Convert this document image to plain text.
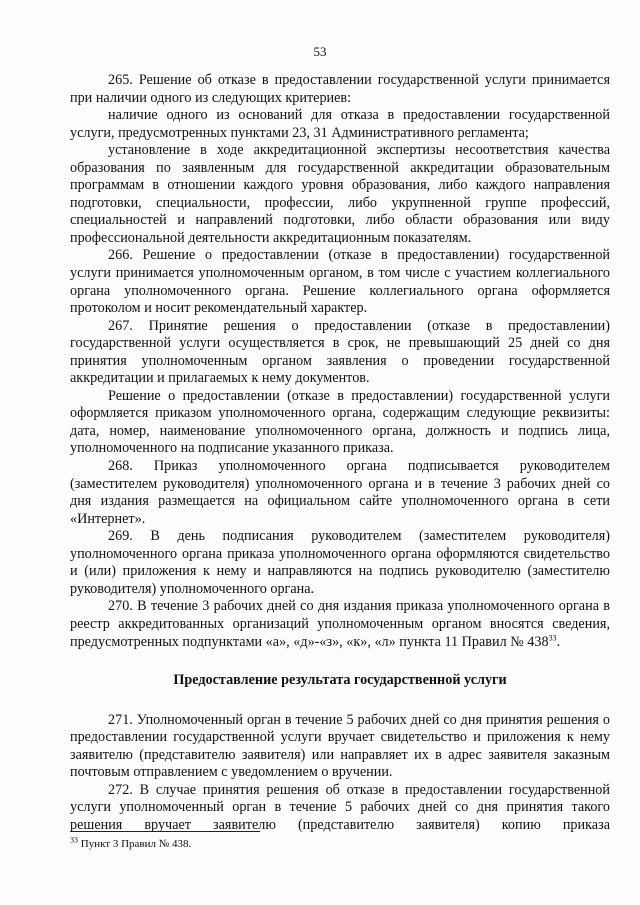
53

265. Решение об отказе в предоставлении государственной услуги принимается при наличии одного из следующих критериев:

наличие одного из оснований для отказа в предоставлении государственной услуги, предусмотренных пунктами 23, 31 Административного регламента;

установление в ходе аккредитационной экспертизы несоответствия качества образования по заявленным для государственной аккредитации образовательным программам в отношении каждого уровня образования, либо каждого направления подготовки, специальности, профессии, либо укрупненной группе профессий, специальностей и направлений подготовки, либо области образования или виду профессиональной деятельности аккредитационным показателям.

266. Решение о предоставлении (отказе в предоставлении) государственной услуги принимается уполномоченным органом, в том числе с участием коллегиального органа уполномоченного органа. Решение коллегиального органа оформляется протоколом и носит рекомендательный характер.

267. Принятие решения о предоставлении (отказе в предоставлении) государственной услуги осуществляется в срок, не превышающий 25 дней со дня принятия уполномоченным органом заявления о проведении государственной аккредитации и прилагаемых к нему документов.

Решение о предоставлении (отказе в предоставлении) государственной услуги оформляется приказом уполномоченного органа, содержащим следующие реквизиты: дата, номер, наименование уполномоченного органа, должность и подпись лица, уполномоченного на подписание указанного приказа.

268. Приказ уполномоченного органа подписывается руководителем (заместителем руководителя) уполномоченного органа и в течение 3 рабочих дней со дня издания размещается на официальном сайте уполномоченного органа в сети «Интернет».

269. В день подписания руководителем (заместителем руководителя) уполномоченного органа приказа уполномоченного органа оформляются свидетельство и (или) приложения к нему и направляются на подпись руководителю (заместителю руководителя) уполномоченного органа.

270. В течение 3 рабочих дней со дня издания приказа уполномоченного органа в реестр аккредитованных организаций уполномоченным органом вносятся сведения, предусмотренных подпунктами «а», «д»-«з», «к», «л» пункта 11 Правил № $438^{33}$.

Предоставление результата государственной услуги

271. Уполномоченный орган в течение 5 рабочих дней со дня принятия решения о предоставлении государственной услуги вручает свидетельство и приложения к нему заявителю (представителю заявителя) или направляет их в адрес заявителя заказным почтовым отправлением с уведомлением о вручении.

272. В случае принятия решения об отказе в предоставлении государственной услуги уполномоченный орган в течение 5 рабочих дней со дня принятия такого решения вручает заявителю (представителю заявителя) копию приказа

$^{33}$ Пункт 3 Правил № 438.
